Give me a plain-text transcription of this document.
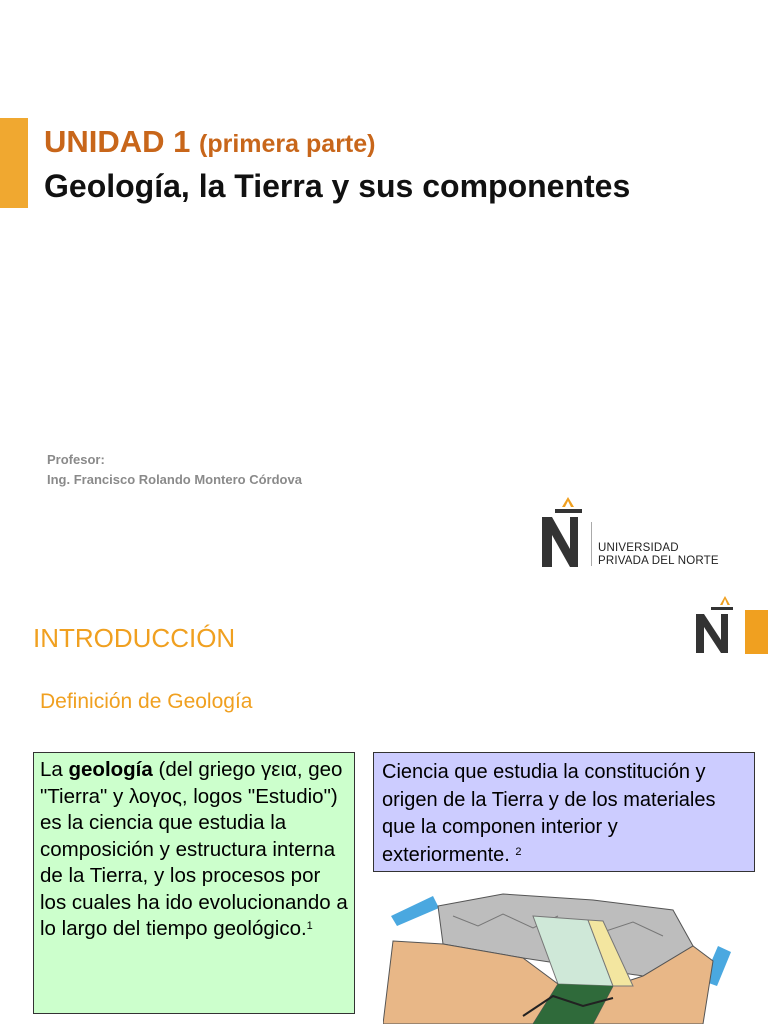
UNIDAD 1 (primera parte)
Geología, la Tierra y sus componentes
Profesor:
Ing. Francisco Rolando Montero Córdova
UNIVERSIDAD
PRIVADA DEL NORTE
INTRODUCCIÓN
Definición de Geología
La geología (del griego γεια, geo "Tierra" y λογος, logos "Estudio") es la ciencia que estudia la composición y estructura interna de la Tierra, y los procesos por los cuales ha ido evolucionando a lo largo del tiempo geológico.$^1$
Ciencia que estudia la constitución y origen de la Tierra y de los materiales que la componen interior y exteriormente. $^2$
